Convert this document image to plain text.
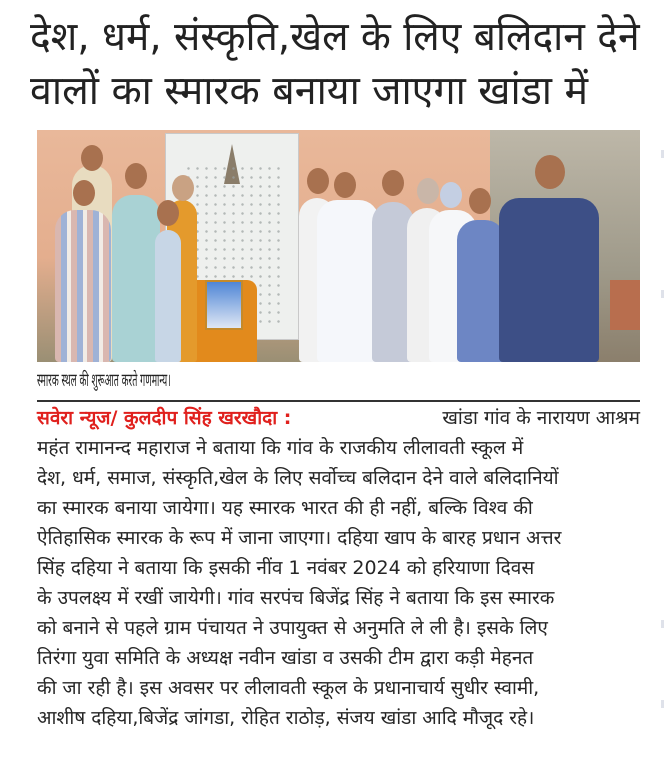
देश, धर्म, संस्कृति,खेल के लिए बलिदान देने
वालों का स्मारक बनाया जाएगा खांडा में
स्मारक स्थल की शुरूआत करते गणमान्य।
सवेरा न्यूज/ कुलदीप सिंह खरखौदा :	खांडा गांव के नारायण आश्रम
महंत रामानन्द महाराज ने बताया कि गांव के राजकीय लीलावती स्कूल में
देश, धर्म, समाज, संस्कृति,खेल के लिए सर्वोच्च बलिदान देने वाले बलिदानियों
का स्मारक बनाया जायेगा। यह स्मारक भारत की ही नहीं, बल्कि विश्व की
ऐतिहासिक स्मारक के रूप में जाना जाएगा। दहिया खाप के बारह प्रधान अत्तर
सिंह दहिया ने बताया कि इसकी नींव 1 नवंबर 2024 को हरियाणा दिवस
के उपलक्ष्य में रखीं जायेगी। गांव सरपंच बिजेंद्र सिंह ने बताया कि इस स्मारक
को बनाने से पहले ग्राम पंचायत ने उपायुक्त से अनुमति ले ली है। इसके लिए
तिरंगा युवा समिति के अध्यक्ष नवीन खांडा व उसकी टीम द्वारा कड़ी मेहनत
की जा रही है। इस अवसर पर लीलावती स्कूल के प्रधानाचार्य सुधीर स्वामी,
आशीष दहिया,बिजेंद्र जांगडा, रोहित राठोड़, संजय खांडा आदि मौजूद रहे।
